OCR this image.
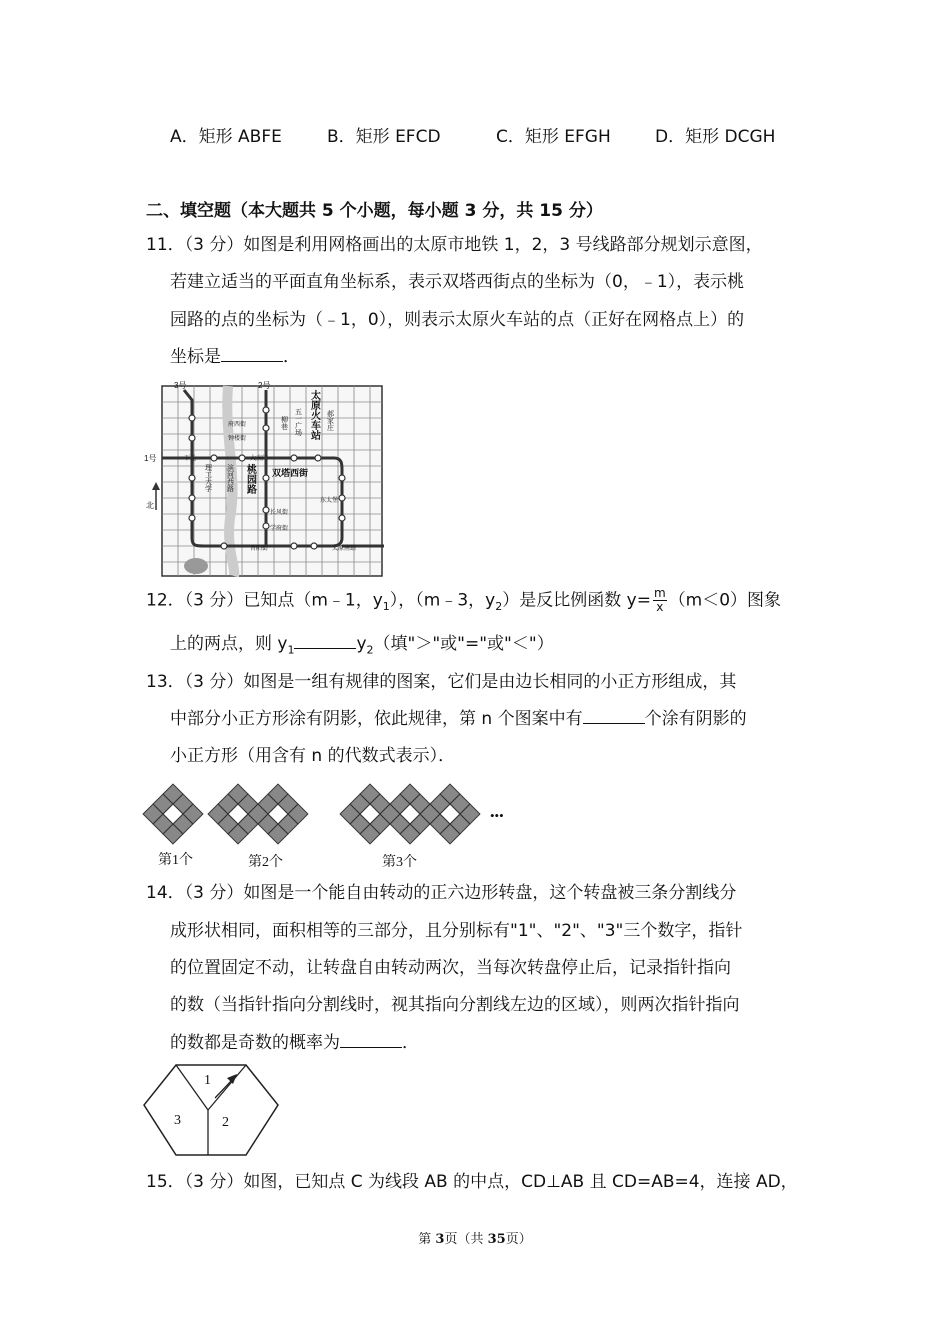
A．矩形 ABFE	B．矩形 EFCD	C．矩形 EFGH	D．矩形 DCGH
二、填空题（本大题共 5 个小题，每小题 3 分，共 15 分）
11．（3 分）如图是利用网格画出的太原市地铁 1，2，3 号线路部分规划示意图，
若建立适当的平面直角坐标系，表示双塔西街点的坐标为（0，﹣1），表示桃
园路的点的坐标为（﹣1，0），则表示太原火车站的点（正好在网格点上）的
坐标是	．
3号	2号
1号
北
下元
府西街
钟楼街
大南门
双塔西街
东太堡
长风街
学府街
晋阳街	太原南站
理工大学 滨河西路 桃园路
柳巷 五一广场 太原火车站 郝家庄
12．（3 分）已知点（m﹣1，$y_1$），（m﹣3，$y_2$）是反比例函数 $y= \frac{m}{x} (m<0)$图象
上的两点，则 $y_1$	$y_2$（填"＞"或"="或"＜"）
13．（3 分）如图是一组有规律的图案，它们是由边长相同的小正方形组成，其
中部分小正方形涂有阴影，依此规律，第 n 个图案中有	个涂有阴影的
小正方形（用含有 n 的代数式表示）．
第1个	第2个	第3个
•••
14．（3 分）如图是一个能自由转动的正六边形转盘，这个转盘被三条分割线分
成形状相同，面积相等的三部分，且分别标有"1"、"2"、"3"三个数字，指针
的位置固定不动，让转盘自由转动两次，当每次转盘停止后，记录指针指向
的数（当指针指向分割线时，视其指向分割线左边的区域），则两次指针指向
的数都是奇数的概率为	．
1
2
3
15．（3 分）如图，已知点 C 为线段 AB 的中点，CD⊥AB 且 CD=AB=4，连接 AD，
第 3页（共 35页）
